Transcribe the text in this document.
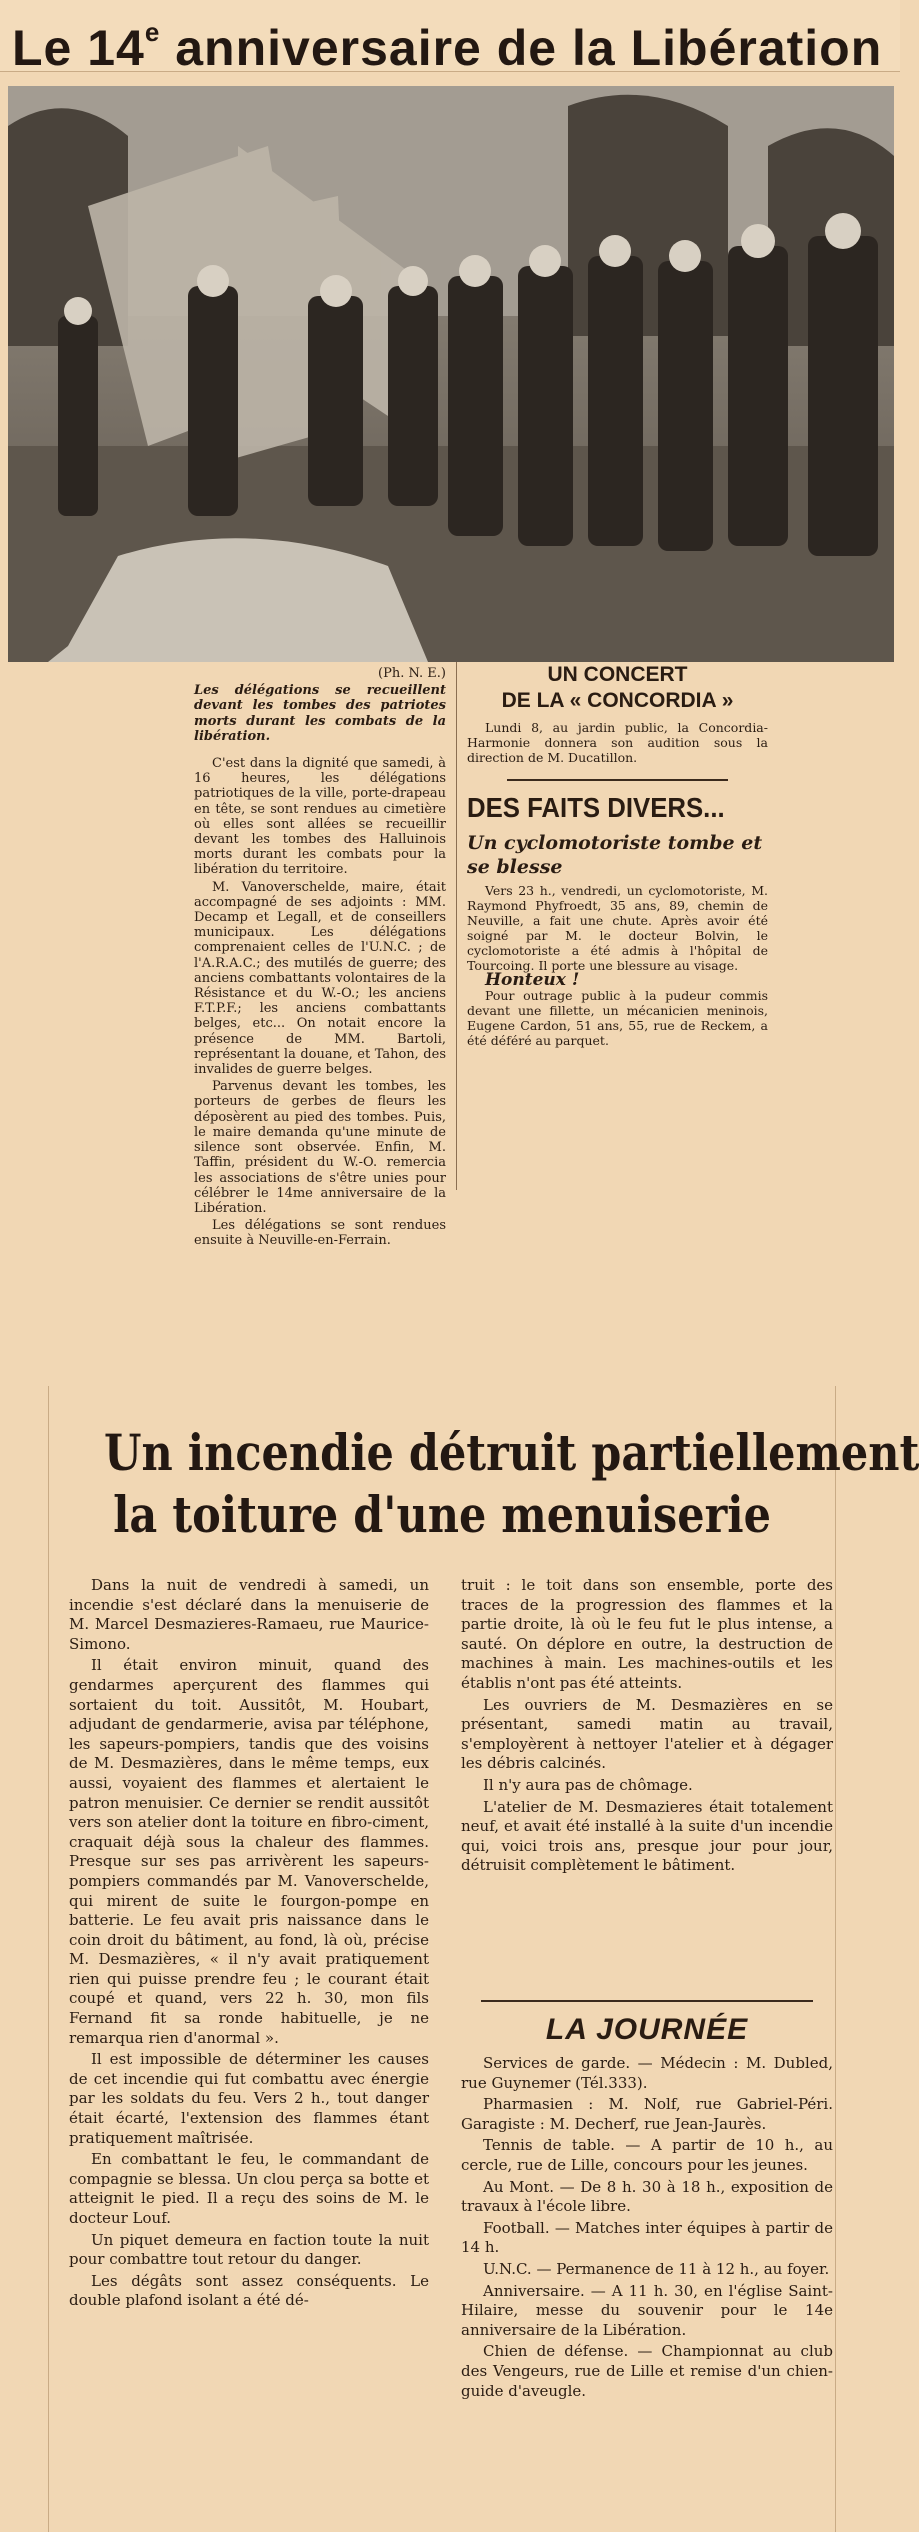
Le 14e anniversaire de la Libération
(Ph. N. E.)

Les délégations se recueillent devant les tombes des patriotes morts durant les combats de la libération.

C'est dans la dignité que samedi, à 16 heures, les délégations patriotiques de la ville, porte-drapeau en tête, se sont rendues au cimetière où elles sont allées se recueillir devant les tombes des Halluinois morts durant les combats pour la libération du territoire.

M. Vanoverschelde, maire, était accompagné de ses adjoints : MM. Decamp et Legall, et de conseillers municipaux. Les délégations comprenaient celles de l'U.N.C. ; de l'A.R.A.C.; des mutilés de guerre; des anciens combattants volontaires de la Résistance et du W.-O.; les anciens F.T.P.F.; les anciens combattants belges, etc... On notait encore la présence de MM. Bartoli, représentant la douane, et Tahon, des invalides de guerre belges.

Parvenus devant les tombes, les porteurs de gerbes de fleurs les déposèrent au pied des tombes. Puis, le maire demanda qu'une minute de silence sont observée. Enfin, M. Taffin, président du W.-O. remercia les associations de s'être unies pour célébrer le 14me anniversaire de la Libération.

Les délégations se sont rendues ensuite à Neuville-en-Ferrain.

UN CONCERT

DE LA « CONCORDIA »

Lundi 8, au jardin public, la Concordia-Harmonie donnera son audition sous la direction de M. Ducatillon.

DES FAITS DIVERS...

Un cyclomotoriste tombe et se blesse

Vers 23 h., vendredi, un cyclomotoriste, M. Raymond Phyfroedt, 35 ans, 89, chemin de Neuville, a fait une chute. Après avoir été soigné par M. le docteur Bolvin, le cyclomotoriste a été admis à l'hôpital de Tourcoing. Il porte une blessure au visage.

Honteux !

Pour outrage public à la pudeur commis devant une fillette, un mécanicien meninois, Eugene Cardon, 51 ans, 55, rue de Reckem, a été déféré au parquet.

Un incendie détruit partiellement
la toiture d'une menuiserie

Dans la nuit de vendredi à samedi, un incendie s'est déclaré dans la menuiserie de M. Marcel Desmazieres-Ramaeu, rue Maurice-Simono.

Il était environ minuit, quand des gendarmes aperçurent des flammes qui sortaient du toit. Aussitôt, M. Houbart, adjudant de gendarmerie, avisa par téléphone, les sapeurs-pompiers, tandis que des voisins de M. Desmazières, dans le même temps, eux aussi, voyaient des flammes et alertaient le patron menuisier. Ce dernier se rendit aussitôt vers son atelier dont la toiture en fibro-ciment, craquait déjà sous la chaleur des flammes. Presque sur ses pas arrivèrent les sapeurs-pompiers commandés par M. Vanoverschelde, qui mirent de suite le fourgon-pompe en batterie. Le feu avait pris naissance dans le coin droit du bâtiment, au fond, là où, précise M. Desmazières, « il n'y avait pratiquement rien qui puisse prendre feu ; le courant était coupé et quand, vers 22 h. 30, mon fils Fernand fit sa ronde habituelle, je ne remarqua rien d'anormal ».

Il est impossible de déterminer les causes de cet incendie qui fut combattu avec énergie par les soldats du feu. Vers 2 h., tout danger était écarté, l'extension des flammes étant pratiquement maîtrisée.

En combattant le feu, le commandant de compagnie se blessa. Un clou perça sa botte et atteignit le pied. Il a reçu des soins de M. le docteur Louf.

Un piquet demeura en faction toute la nuit pour combattre tout retour du danger.

Les dégâts sont assez conséquents. Le double plafond isolant a été dé-

truit : le toit dans son ensemble, porte des traces de la progression des flammes et la partie droite, là où le feu fut le plus intense, a sauté. On déplore en outre, la destruction de machines à main. Les machines-outils et les établis n'ont pas été atteints.

Les ouvriers de M. Desmazières en se présentant, samedi matin au travail, s'employèrent à nettoyer l'atelier et à dégager les débris calcinés.

Il n'y aura pas de chômage.

L'atelier de M. Desmazieres était totalement neuf, et avait été installé à la suite d'un incendie qui, voici trois ans, presque jour pour jour, détruisit complètement le bâtiment.

LA JOURNÉE

Services de garde. — Médecin : M. Dubled, rue Guynemer (Tél.333).

Pharmasien : M. Nolf, rue Gabriel-Péri. Garagiste : M. Decherf, rue Jean-Jaurès.

Tennis de table. — A partir de 10 h., au cercle, rue de Lille, concours pour les jeunes.

Au Mont. — De 8 h. 30 à 18 h., exposition de travaux à l'école libre.

Football. — Matches inter équipes à partir de 14 h.

U.N.C. — Permanence de 11 à 12 h., au foyer.

Anniversaire. — A 11 h. 30, en l'église Saint-Hilaire, messe du souvenir pour le 14e anniversaire de la Libération.

Chien de défense. — Championnat au club des Vengeurs, rue de Lille et remise d'un chien-guide d'aveugle.
